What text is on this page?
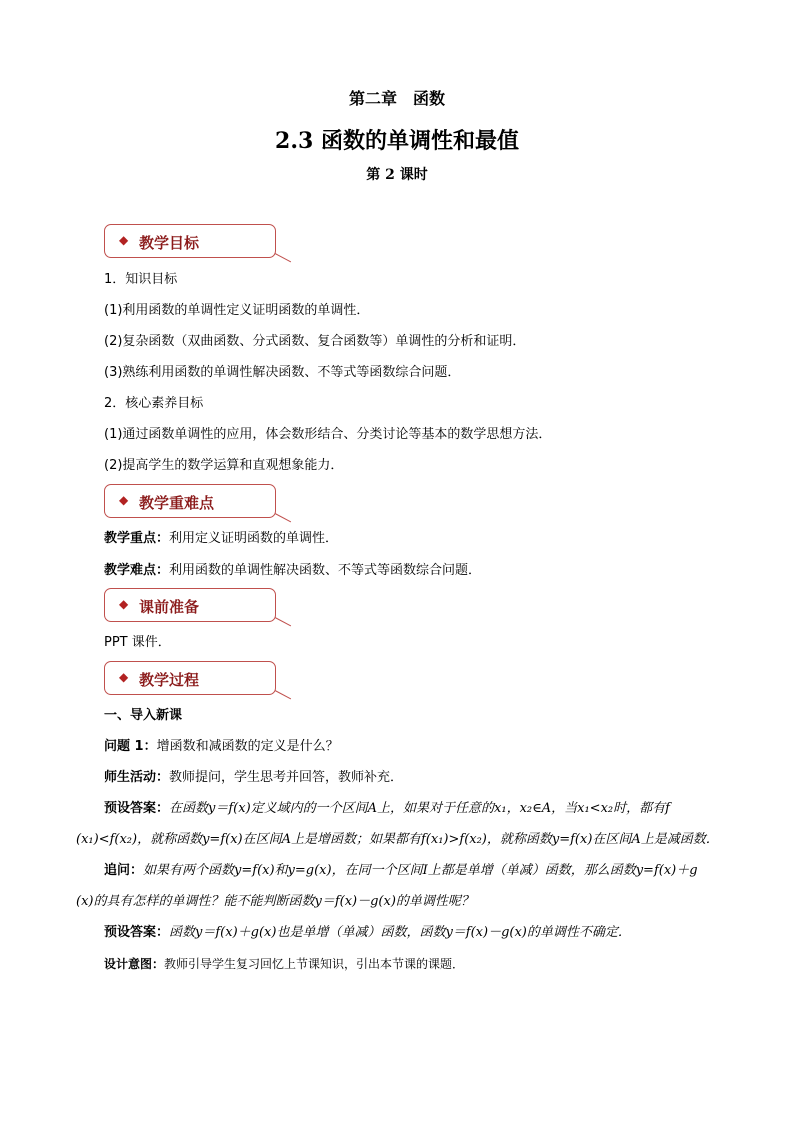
第二章　函数
2.3 函数的单调性和最值
第 2 课时
◆ 教学目标
1．知识目标
(1)利用函数的单调性定义证明函数的单调性．
(2)复杂函数（双曲函数、分式函数、复合函数等）单调性的分析和证明．
(3)熟练利用函数的单调性解决函数、不等式等函数综合问题．
2．核心素养目标
(1)通过函数单调性的应用，体会数形结合、分类讨论等基本的数学思想方法．
(2)提高学生的数学运算和直观想象能力．
◆ 教学重难点
教学重点：利用定义证明函数的单调性．
教学难点：利用函数的单调性解决函数、不等式等函数综合问题．
◆ 课前准备
PPT 课件．
◆ 教学过程
一、导入新课
问题 1：增函数和减函数的定义是什么？
师生活动：教师提问，学生思考并回答，教师补充．
预设答案：在函数y＝f(x)定义域内的一个区间A上，如果对于任意的x₁，x₂∈A，当x₁<x₂时，都有f
(x₁)<f(x₂)，就称函数y=f(x)在区间A上是增函数；如果都有f(x₁)>f(x₂)，就称函数y=f(x)在区间A上是减函数．
追问：如果有两个函数y=f(x)和y=g(x)，在同一个区间I上都是单增（单减）函数，那么函数y=f(x)＋g
(x)的具有怎样的单调性？能不能判断函数y＝f(x)－g(x)的单调性呢？
预设答案：函数y＝f(x)＋g(x)也是单增（单减）函数，函数y＝f(x)－g(x)的单调性不确定．
设计意图：教师引导学生复习回忆上节课知识，引出本节课的课题．
